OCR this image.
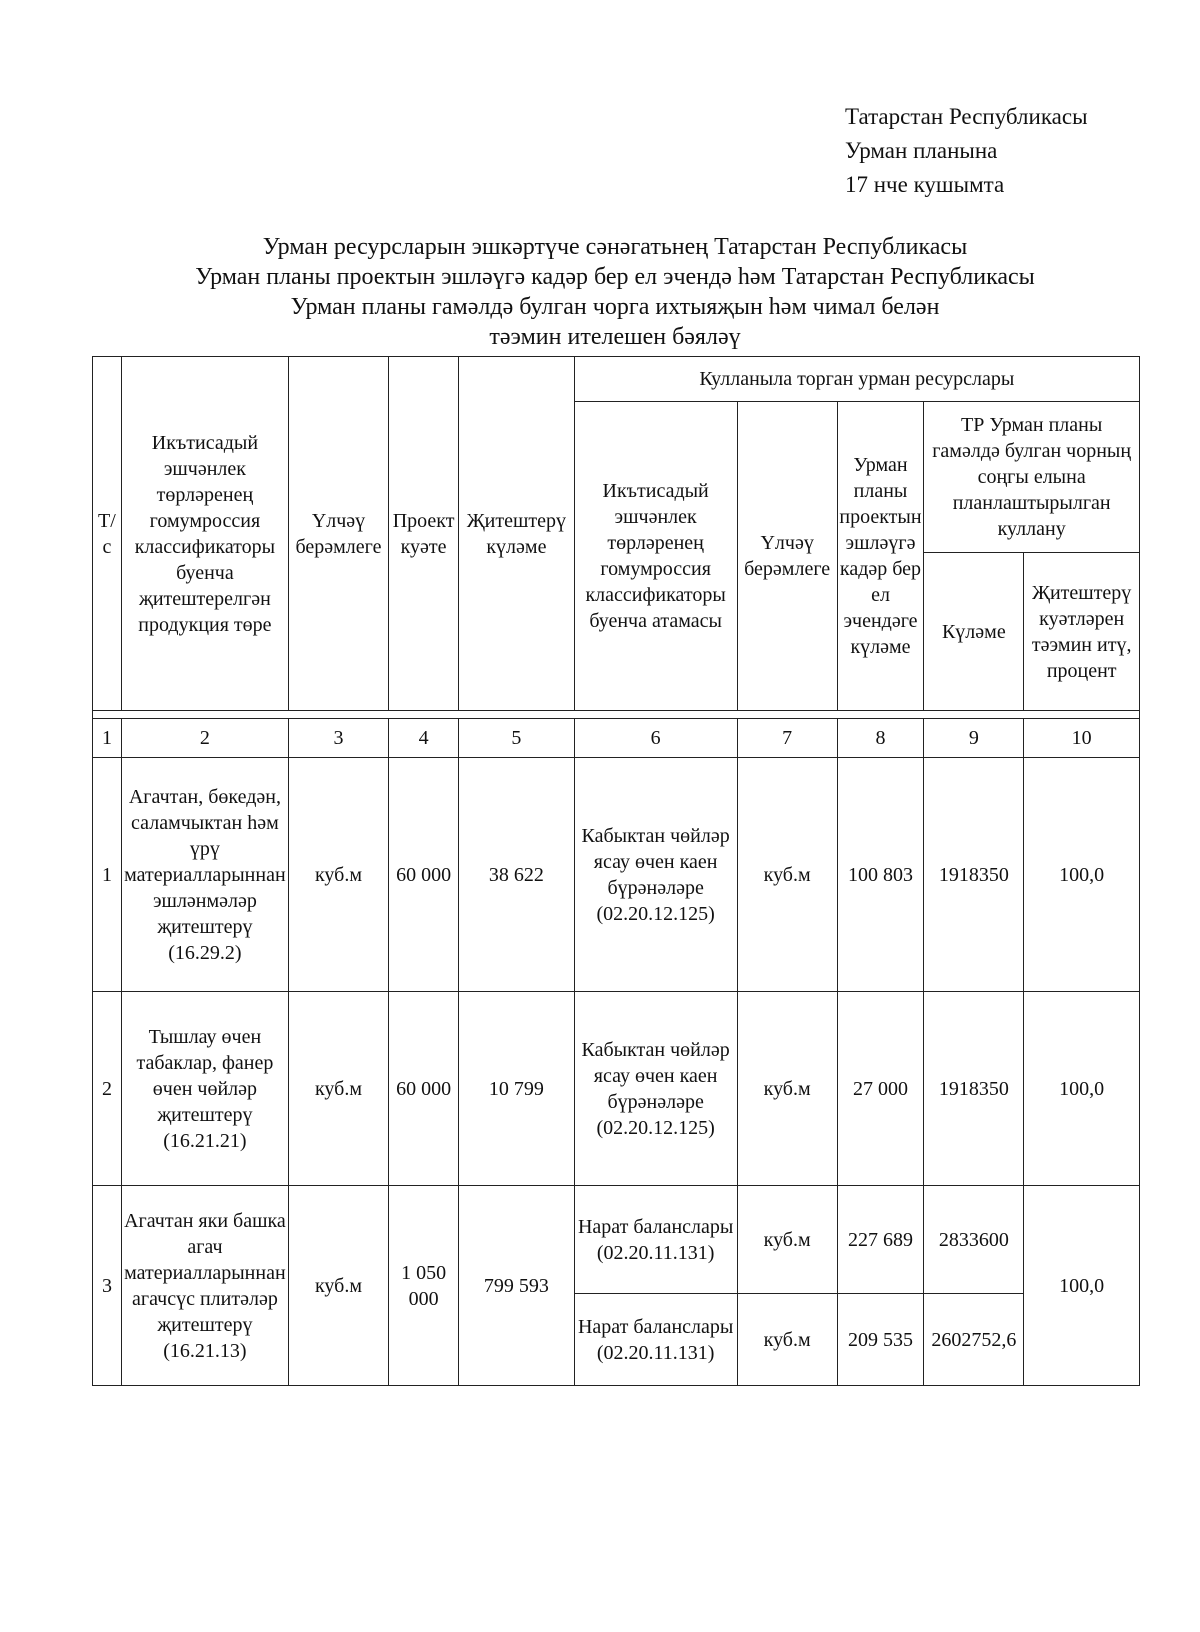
Татарстан Республикасы
Урман планына
17 нче кушымта
Урман ресурсларын эшкәртүче сәнәгатьнең Татарстан Республикасы
Урман планы проектын эшләүгә кадәр бер ел эчендә һәм Татарстан Республикасы
Урман планы гамәлдә булган чорга ихтыяҗын һәм чимал белән
тәэмин ителешен бәяләү
Т/с	Икътисадый эшчәнлек төрләренең гомумроссия классификаторы буенча җитештерелгән продукция төре	Үлчәү берәмлеге	Проект куәте	Җитештерү күләме	Кулланыла торган урман ресурслары				
					Икътисадый эшчәнлек төрләренең гомумроссия классификаторы буенча атамасы	Үлчәү берәмлеге	Урман планы проектын эшләүгә кадәр бер ел эчендәге күләме	ТР Урман планы гамәлдә булган чорның соңгы елына планлаштырылган куллану	
								Күләме	Җитештерү куәтләрен тәэмин итү, процент

1	2	3	4	5	6	7	8	9	10
1	Агачтан, бөкедән, саламчыктан һәм үрү материалларыннан эшләнмәләр җитештерү (16.29.2)	куб.м	60 000	38 622	Кабыктан чөйләр ясау өчен каен бүрәнәләре (02.20.12.125)	куб.м	100 803	1918350	100,0
2	Тышлау өчен табаклар, фанер өчен чөйләр җитештерү (16.21.21)	куб.м	60 000	10 799	Кабыктан чөйләр ясау өчен каен бүрәнәләре (02.20.12.125)	куб.м	27 000	1918350	100,0
3	Агачтан яки башка агач материалларыннан агачсүс плитәләр җитештерү (16.21.13)	куб.м	1 050 000	799 593	Нарат баланслары (02.20.11.131)	куб.м	227 689	2833600	100,0
					Нарат баланслары (02.20.11.131)	куб.м	209 535	2602752,6	
